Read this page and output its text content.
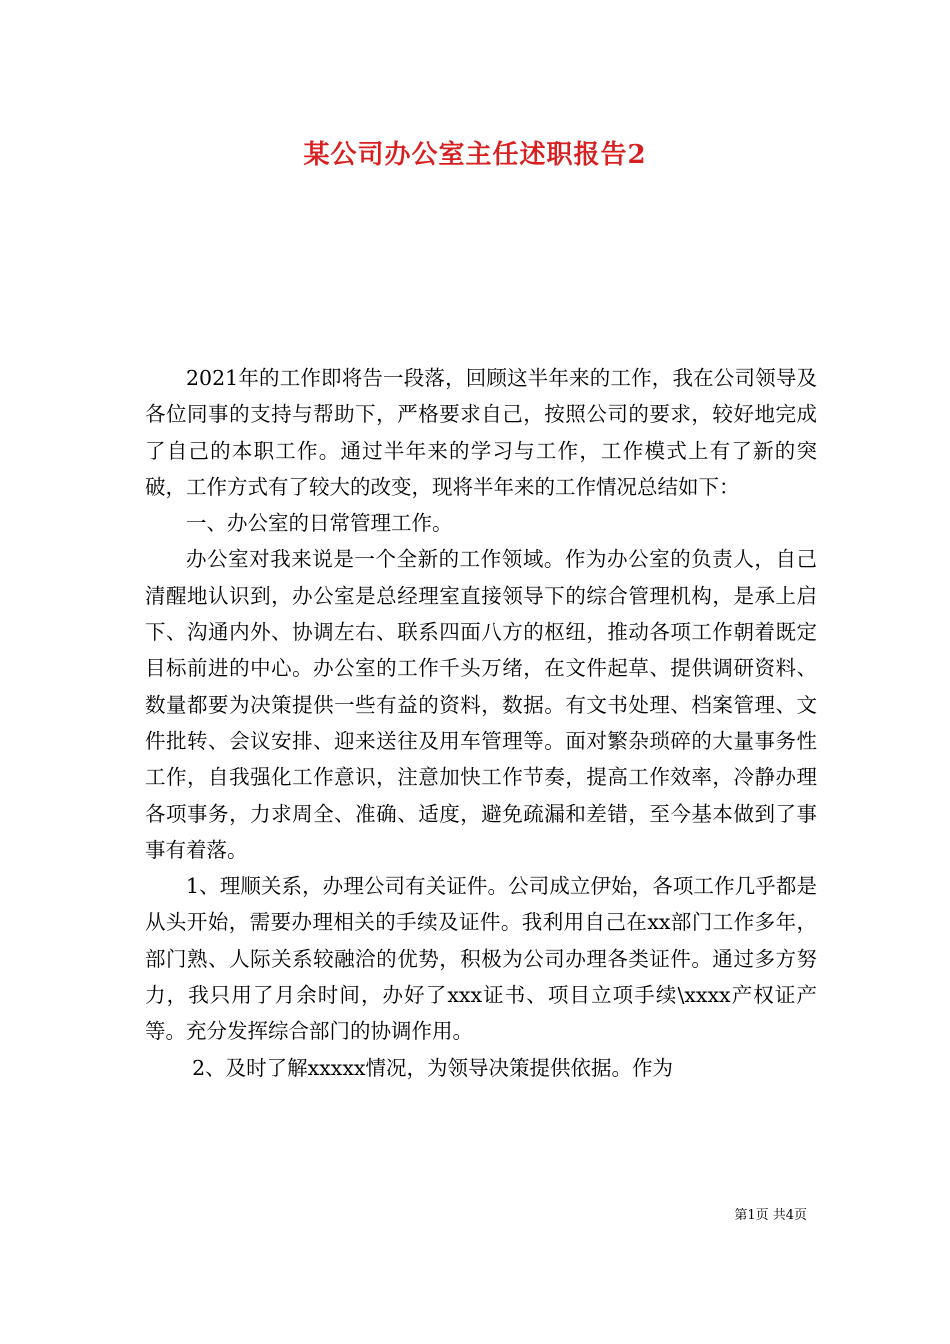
某公司办公室主任述职报告2

2021年的工作即将告一段落，回顾这半年来的工作，我在公司领导及各位同事的支持与帮助下，严格要求自己，按照公司的要求，较好地完成了自己的本职工作。通过半年来的学习与工作，工作模式上有了新的突破，工作方式有了较大的改变，现将半年来的工作情况总结如下：

一、办公室的日常管理工作。

办公室对我来说是一个全新的工作领域。作为办公室的负责人，自己清醒地认识到，办公室是总经理室直接领导下的综合管理机构，是承上启下、沟通内外、协调左右、联系四面八方的枢纽，推动各项工作朝着既定目标前进的中心。办公室的工作千头万绪，在文件起草、提供调研资料、数量都要为决策提供一些有益的资料，数据。有文书处理、档案管理、文件批转、会议安排、迎来送往及用车管理等。面对繁杂琐碎的大量事务性工作，自我强化工作意识，注意加快工作节奏，提高工作效率，冷静办理各项事务，力求周全、准确、适度，避免疏漏和差错，至今基本做到了事事有着落。

1、理顺关系，办理公司有关证件。公司成立伊始，各项工作几乎都是从头开始，需要办理相关的手续及证件。我利用自己在xx部门工作多年，部门熟、人际关系较融洽的优势，积极为公司办理各类证件。通过多方努力，我只用了月余时间，办好了xxx证书、项目立项手续\xxxx产权证产等。充分发挥综合部门的协调作用。

2、及时了解xxxxx情况，为领导决策提供依据。作为

第1页 共4页
